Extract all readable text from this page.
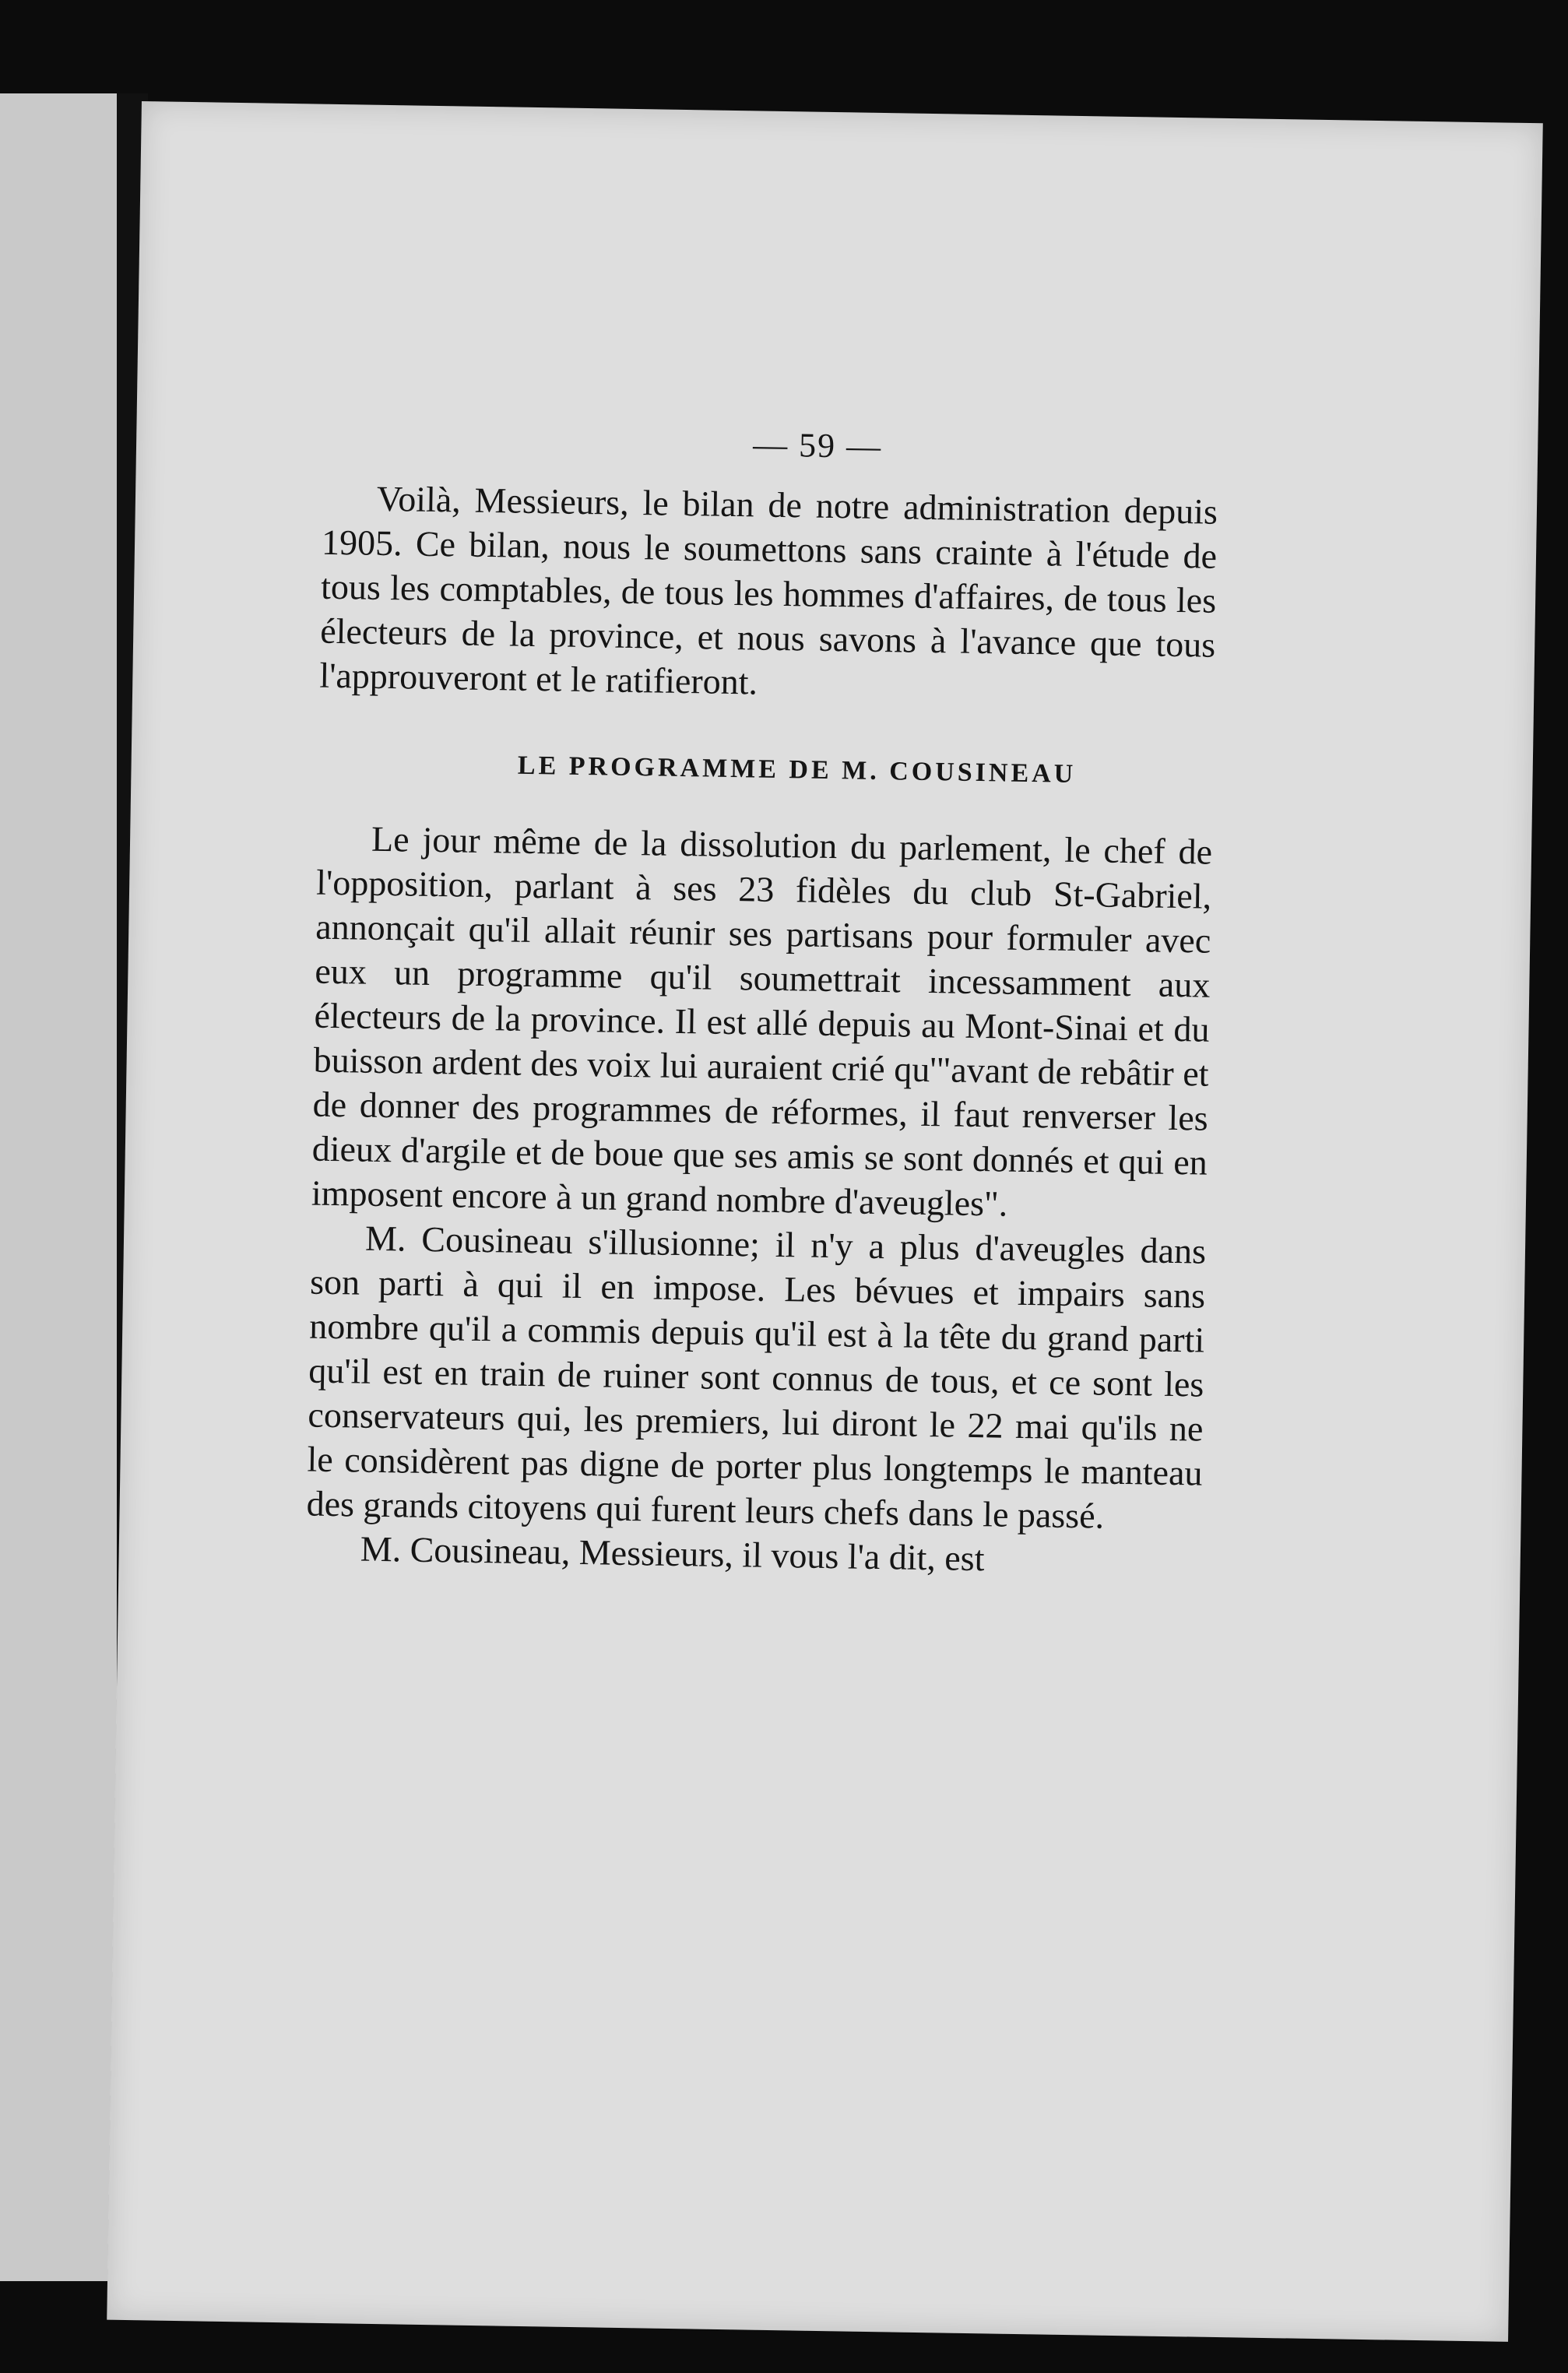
— 59 —

Voilà, Messieurs, le bilan de notre administration depuis 1905. Ce bilan, nous le soumettons sans crainte à l'étude de tous les comptables, de tous les hommes d'affaires, de tous les électeurs de la province, et nous savons à l'avance que tous l'approuveront et le ratifieront.

LE PROGRAMME DE M. COUSINEAU

Le jour même de la dissolution du parlement, le chef de l'opposition, parlant à ses 23 fidèles du club St-Gabriel, annonçait qu'il allait réunir ses partisans pour formuler avec eux un programme qu'il soumettrait incessamment aux électeurs de la province. Il est allé depuis au Mont-Sinai et du buisson ardent des voix lui auraient crié qu'"avant de rebâtir et de donner des programmes de réformes, il faut renverser les dieux d'argile et de boue que ses amis se sont donnés et qui en imposent encore à un grand nombre d'aveugles".

M. Cousineau s'illusionne; il n'y a plus d'aveugles dans son parti à qui il en impose. Les bévues et impairs sans nombre qu'il a commis depuis qu'il est à la tête du grand parti qu'il est en train de ruiner sont connus de tous, et ce sont les conservateurs qui, les premiers, lui diront le 22 mai qu'ils ne le considèrent pas digne de porter plus longtemps le manteau des grands citoyens qui furent leurs chefs dans le passé.

M. Cousineau, Messieurs, il vous l'a dit, est
